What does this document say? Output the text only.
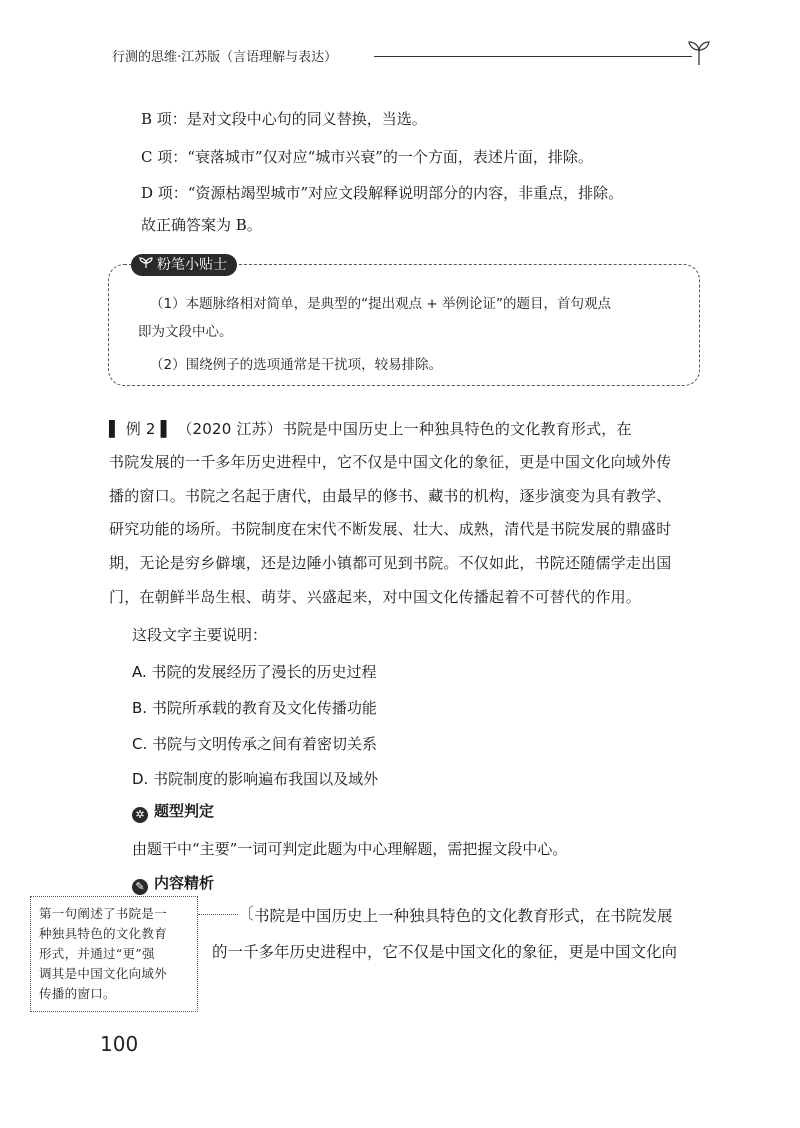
行测的思维·江苏版（言语理解与表达）
B 项：是对文段中心句的同义替换，当选。
C 项：“衰落城市”仅对应“城市兴衰”的一个方面，表述片面，排除。
D 项：“资源枯竭型城市”对应文段解释说明部分的内容，非重点，排除。
故正确答案为 B。
粉笔小贴士
（1）本题脉络相对简单，是典型的“提出观点 + 举例论证”的题目，首句观点
即为文段中心。
（2）围绕例子的选项通常是干扰项，较易排除。
▌ 例 2 ▌ （2020 江苏）书院是中国历史上一种独具特色的文化教育形式，在
书院发展的一千多年历史进程中，它不仅是中国文化的象征，更是中国文化向域外传
播的窗口。书院之名起于唐代，由最早的修书、藏书的机构，逐步演变为具有教学、
研究功能的场所。书院制度在宋代不断发展、壮大、成熟，清代是书院发展的鼎盛时
期，无论是穷乡僻壤，还是边陲小镇都可见到书院。不仅如此，书院还随儒学走出国
门，在朝鲜半岛生根、萌芽、兴盛起来，对中国文化传播起着不可替代的作用。
这段文字主要说明：
A. 书院的发展经历了漫长的历史过程
B. 书院所承载的教育及文化传播功能
C. 书院与文明传承之间有着密切关系
D. 书院制度的影响遍布我国以及域外
✲ 题型判定
由题干中“主要”一词可判定此题为中心理解题，需把握文段中心。
✎ 内容精析
〔 书院是中国历史上一种独具特色的文化教育形式，在书院发展
的一千多年历史进程中，它不仅是中国文化的象征，更是中国文化向
第一句阐述了书院是一
种独具特色的文化教育
形式，并通过“更”强
调其是中国文化向域外
传播的窗口。
100
